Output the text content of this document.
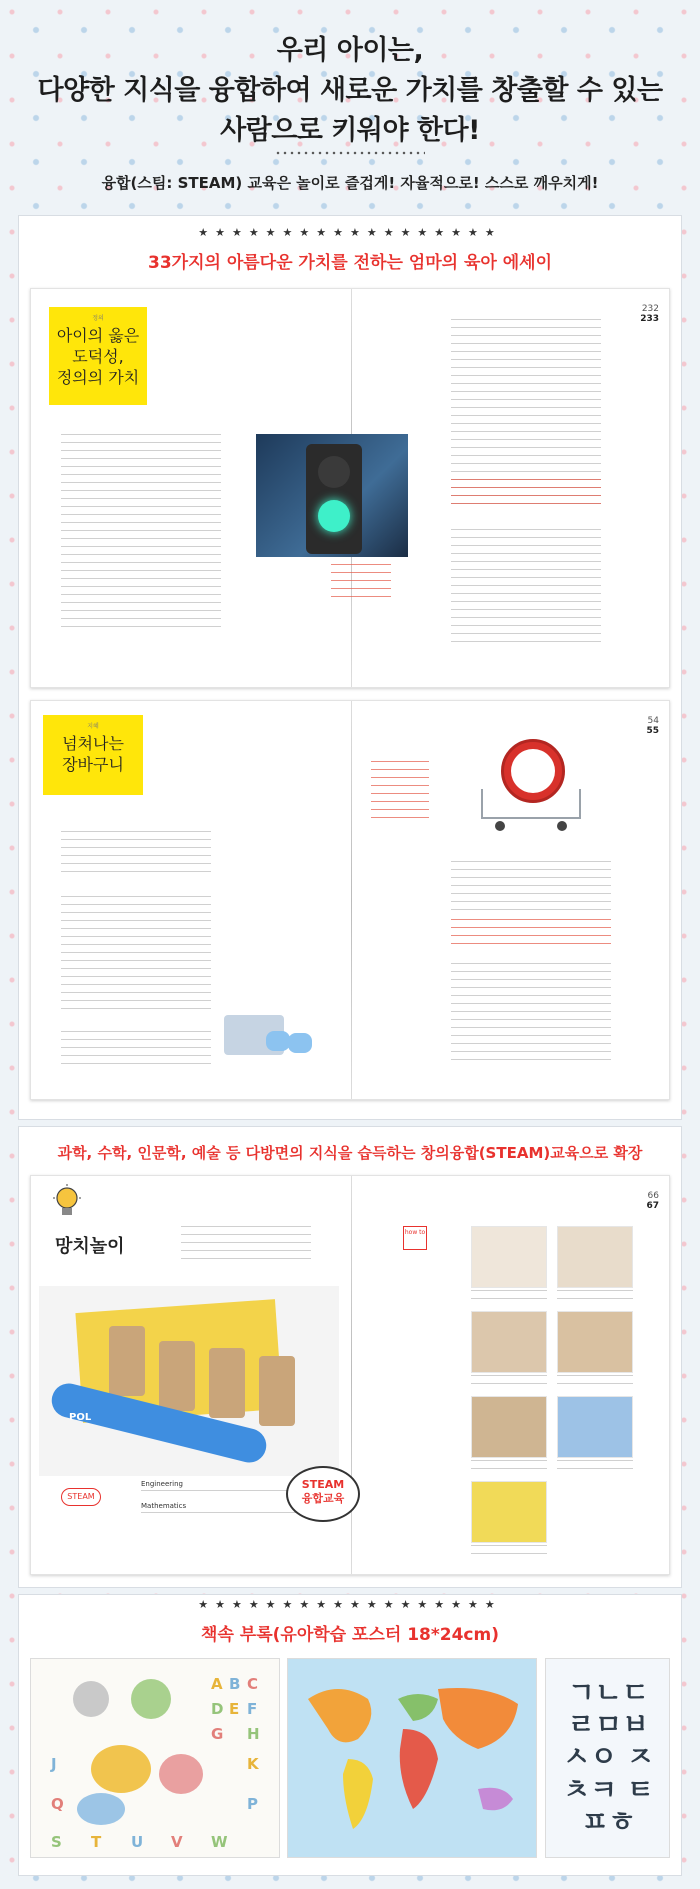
우리 아이는,
다양한 지식을 융합하여 새로운 가치를 창출할 수 있는
사람으로 키워야 한다!
융합(스팀: STEAM) 교육은 놀이로 즐겁게! 자율적으로! 스스로 깨우치게!
★★★★★★★★★★★★★★★★★★
33가지의 아름다운 가치를 전하는 엄마의 육아 에세이
정의
아이의 옳은
도덕성,
정의의 가치
232
233
지혜
넘쳐나는
장바구니
54
55
과학, 수학, 인문학, 예술 등 다방면의 지식을 습득하는 창의융합(STEAM)교육으로 확장
망치놀이
POL
STEAM
Engineering
Mathematics
STEAM
융합교육
66
67
how to
★★★★★★★★★★★★★★★★★★
책속 부록(유아학습 포스터 18*24cm)
A B C
D E F
G H
J	K
Q	P
S T U V W
ㄱㄴㄷ ㄹㅁㅂ ㅅㅇ ㅈㅊㅋ ㅌㅍㅎ
